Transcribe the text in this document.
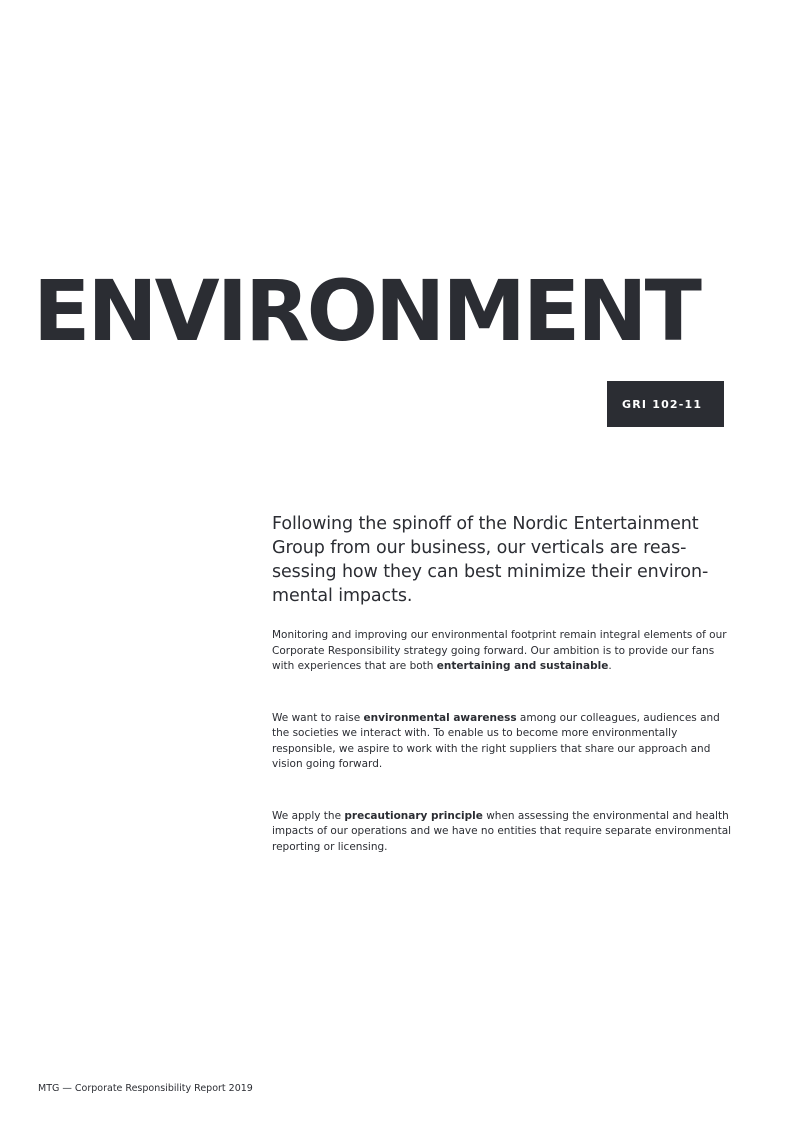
ENVIRONMENT
GRI 102-11

Following the spinoff of the Nordic Entertainment Group from our business, our verticals are reas-sessing how they can best minimize their environ-mental impacts.

Monitoring and improving our environmental footprint remain integral elements of our Corporate Responsibility strategy going forward. Our ambition is to provide our fans with experiences that are both entertaining and sustainable.

We want to raise environmental awareness among our colleagues, audiences and the societies we interact with. To enable us to become more environmentally responsible, we aspire to work with the right suppliers that share our approach and vision going forward.

We apply the precautionary principle when assessing the environmental and health impacts of our operations and we have no entities that require separate environmental reporting or licensing.

MTG — Corporate Responsibility Report 2019
